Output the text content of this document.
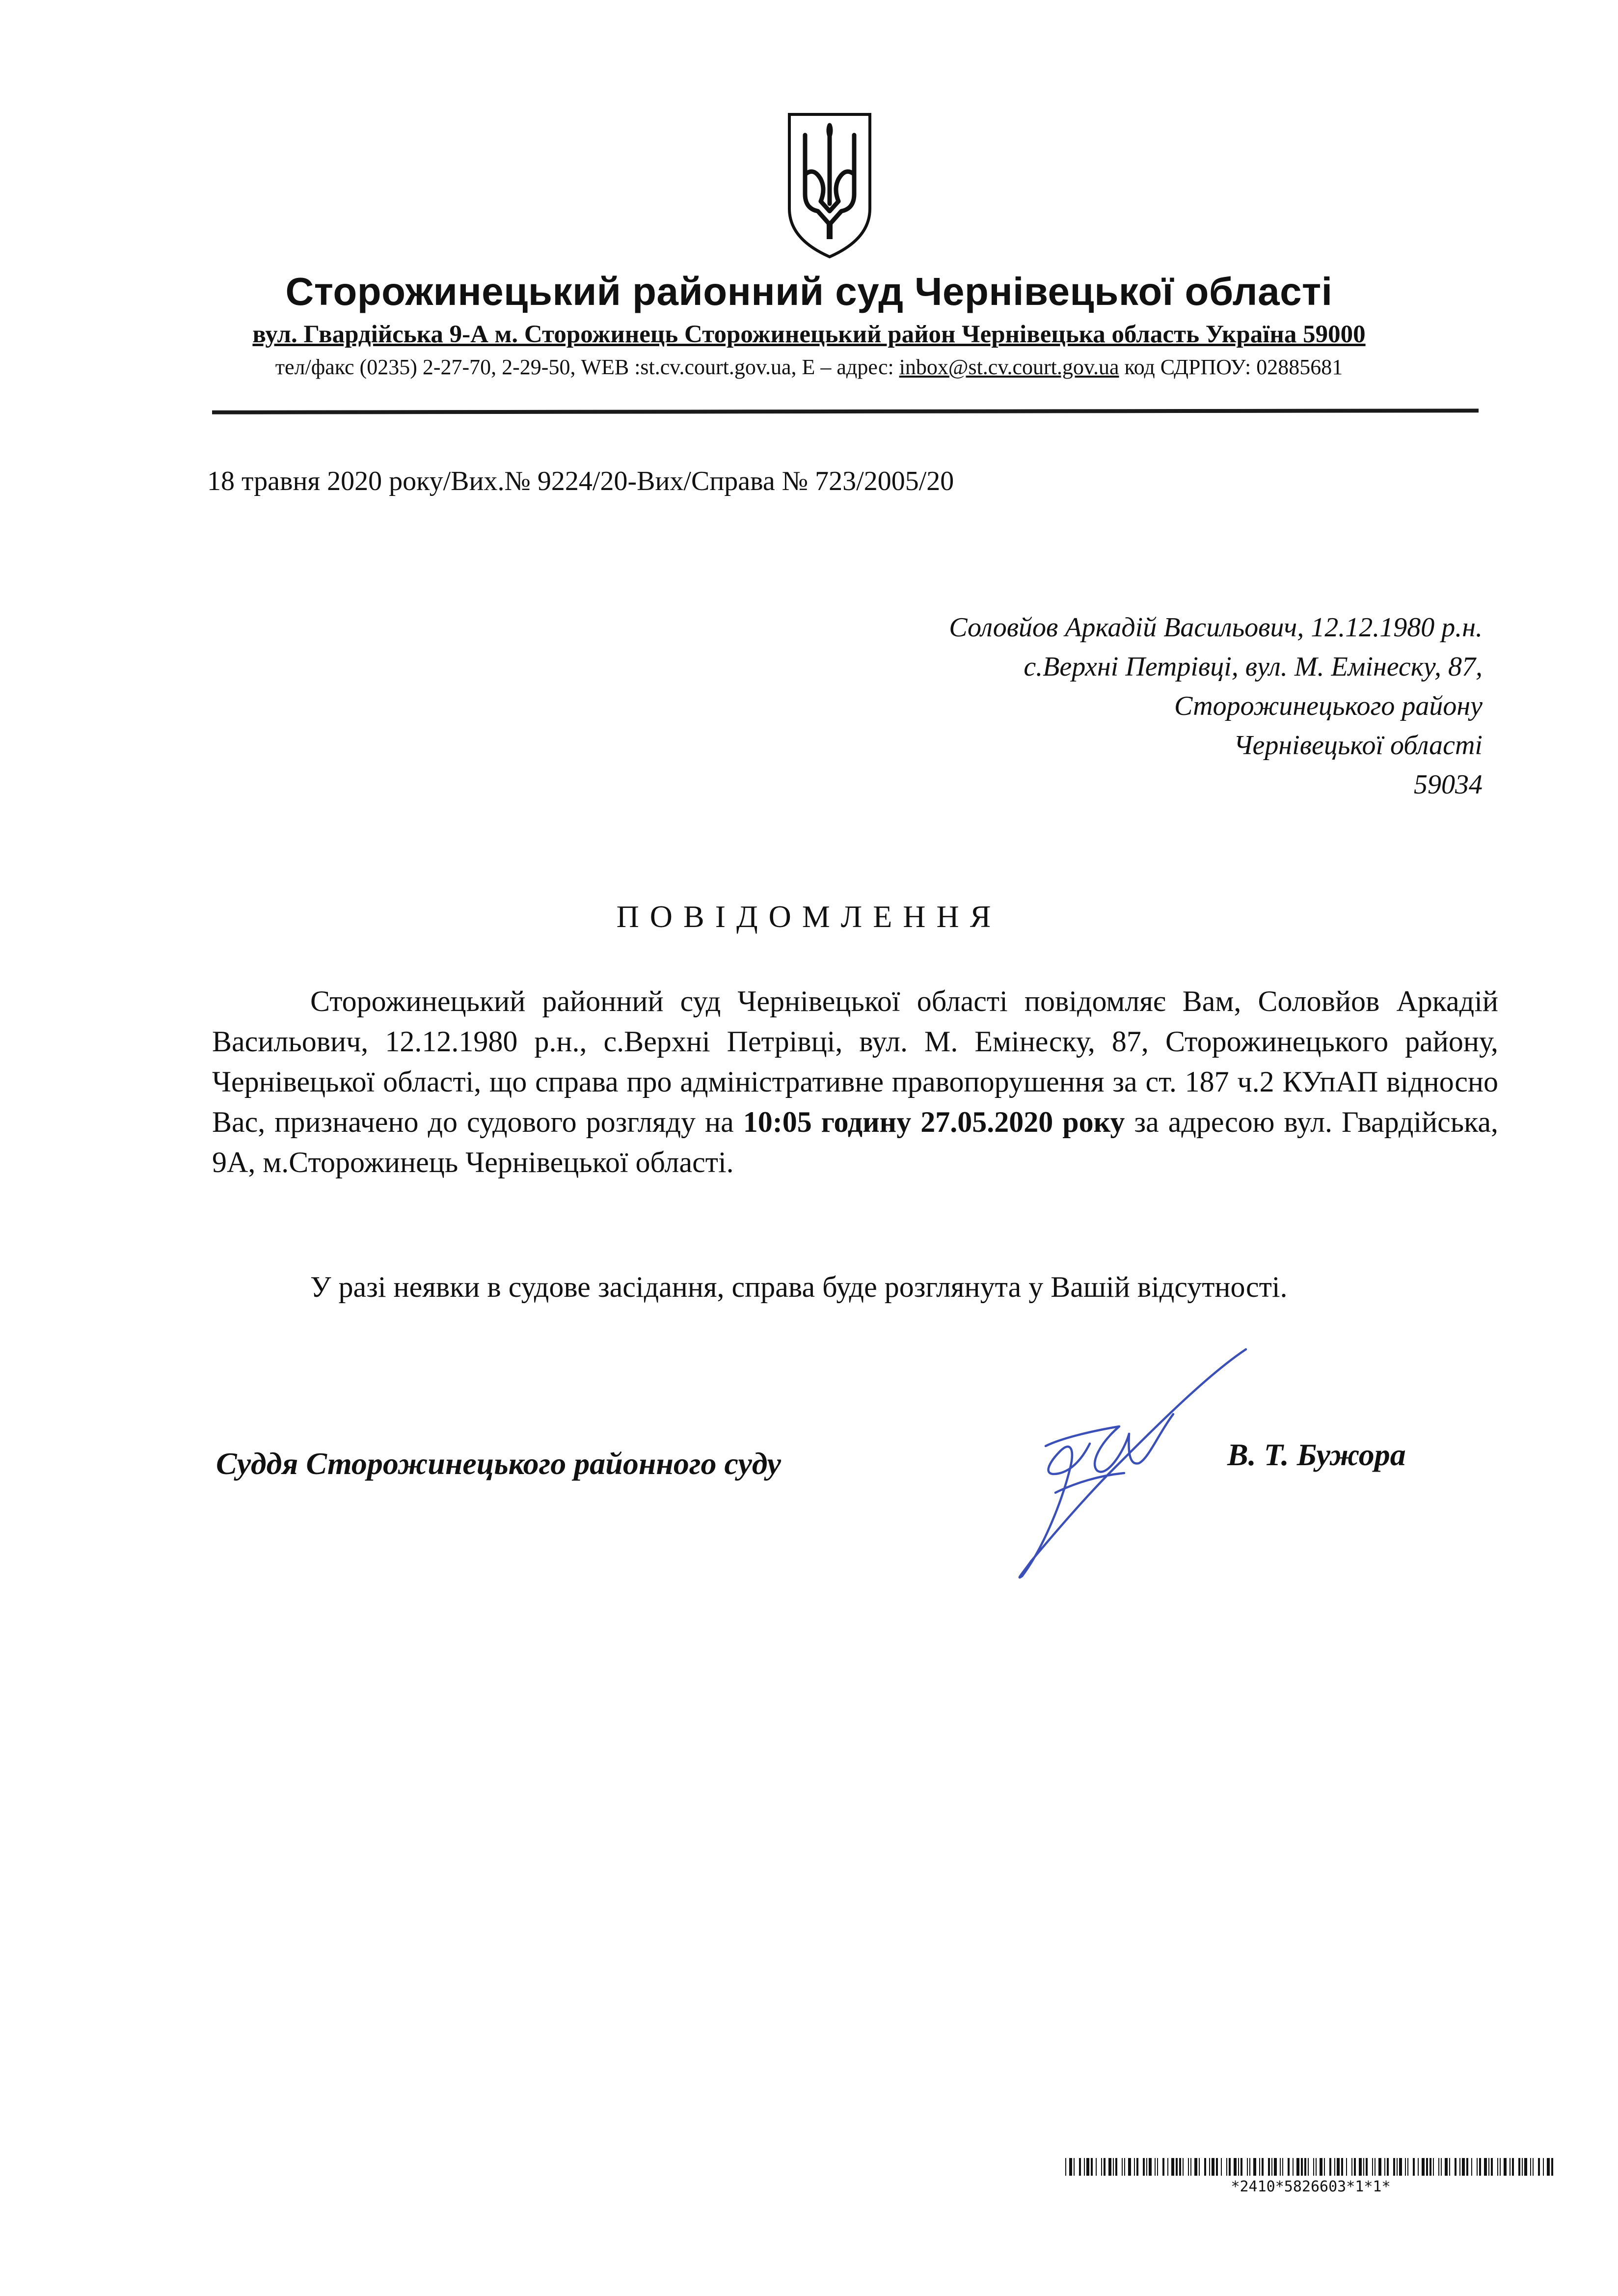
Сторожинецький районний суд Чернівецької області
вул. Гвардійська 9-А м. Сторожинець Сторожинецький район Чернівецька область Україна 59000
тел/факс (0235) 2-27-70, 2-29-50, WEB :st.cv.court.gov.ua, E – адрес: inbox@st.cv.court.gov.ua код СДРПОУ: 02885681
18 травня 2020 року/Вих.№ 9224/20-Вих/Справа № 723/2005/20
Соловйов Аркадій Васильович, 12.12.1980 р.н.
с.Верхні Петрівці, вул. М. Емінеску, 87,
Сторожинецького району
Чернівецької області
59034
ПОВІДОМЛЕННЯ
Сторожинецький районний суд Чернівецької області повідомляє Вам, Соловйов Аркадій Васильович, 12.12.1980 р.н., с.Верхні Петрівці, вул. М. Емінеску, 87, Сторожинецького району, Чернівецької області, що справа про адміністративне правопорушення за ст. 187 ч.2 КУпАП відносно Вас, призначено до судового розгляду на 10:05 годину 27.05.2020 року за адресою вул. Гвардійська, 9А, м.Сторожинець Чернівецької області.
У разі неявки в судове засідання, справа буде розглянута у Вашій відсутності.
Суддя Сторожинецького районного суду	В. Т. Бужора
*2410*5826603*1*1*
